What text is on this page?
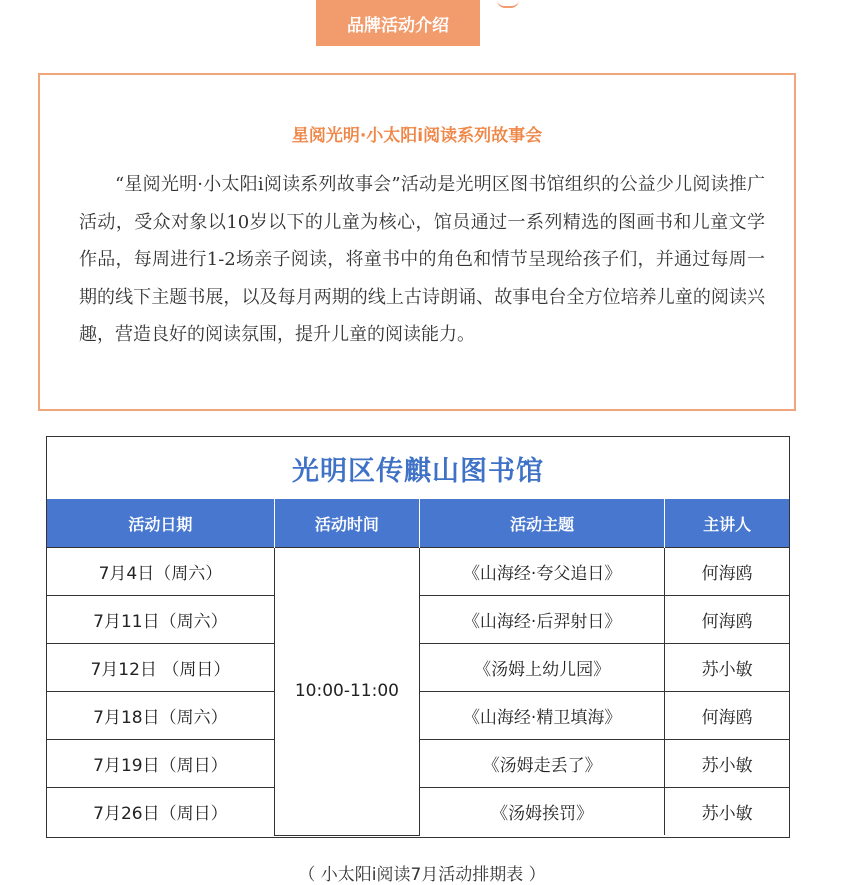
品牌活动介绍
星阅光明·小太阳i阅读系列故事会

“星阅光明·小太阳i阅读系列故事会”活动是光明区图书馆组织的公益少儿阅读推广活动，受众对象以10岁以下的儿童为核心，馆员通过一系列精选的图画书和儿童文学作品，每周进行1-2场亲子阅读，将童书中的角色和情节呈现给孩子们，并通过每周一期的线下主题书展，以及每月两期的线上古诗朗诵、故事电台全方位培养儿童的阅读兴趣，营造良好的阅读氛围，提升儿童的阅读能力。

光明区传麒山图书馆
活动日期	活动时间	活动主题	主讲人
7月4日（周六）	10:00-11:00	《山海经·夸父追日》	何海鸥
7月11日（周六）		《山海经·后羿射日》	何海鸥
7月12日 （周日）		《汤姆上幼儿园》	苏小敏
7月18日（周六）		《山海经·精卫填海》	何海鸥
7月19日（周日）		《汤姆走丢了》	苏小敏
7月26日（周日）		《汤姆挨罚》	苏小敏
（ 小太阳i阅读7月活动排期表 ）
